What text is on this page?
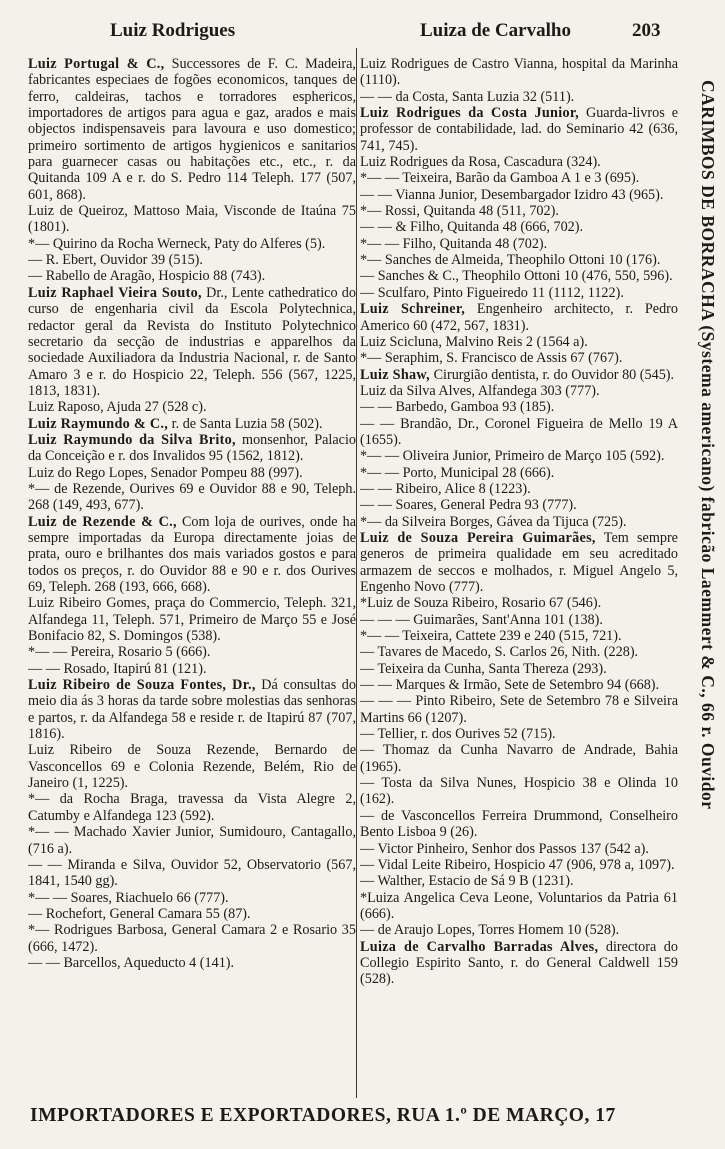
Luiz Rodrigues	Luiza de Carvalho	203

Luiz Portugal & C., Successores de F. C. Madeira, fabricantes especiaes de fogões economicos, tanques de ferro, caldeiras, tachos e torradores esphericos, importadores de artigos para agua e gaz, arados e mais objectos indispensaveis para lavoura e uso domestico; primeiro sortimento de artigos hygienicos e sanitarios para guarnecer casas ou habitações etc., etc., r. da Quitanda 109 A e r. do S. Pedro 114 Teleph. 177 (507, 601, 868).

Luiz de Queiroz, Mattoso Maia, Visconde de Itaúna 75 (1801).

*— Quirino da Rocha Werneck, Paty do Alferes (5).

— R. Ebert, Ouvidor 39 (515).

— Rabello de Aragão, Hospicio 88 (743).

Luiz Raphael Vieira Souto, Dr., Lente cathedratico do curso de engenharia civil da Escola Polytechnica, redactor geral da Revista do Instituto Polytechnico secretario da secção de industrias e apparelhos da sociedade Auxiliadora da Industria Nacional, r. de Santo Amaro 3 e r. do Hospicio 22, Teleph. 556 (567, 1225, 1813, 1831).

Luiz Raposo, Ajuda 27 (528 c).

Luiz Raymundo & C., r. de Santa Luzia 58 (502).

Luiz Raymundo da Silva Brito, monsenhor, Palacio da Conceição e r. dos Invalidos 95 (1562, 1812).

Luiz do Rego Lopes, Senador Pompeu 88 (997).

*— de Rezende, Ourives 69 e Ouvidor 88 e 90, Teleph. 268 (149, 493, 677).

Luiz de Rezende & C., Com loja de ourives, onde ha sempre importadas da Europa directamente joias de prata, ouro e brilhantes dos mais variados gostos e para todos os preços, r. do Ouvidor 88 e 90 e r. dos Ourives 69, Teleph. 268 (193, 666, 668).

Luiz Ribeiro Gomes, praça do Commercio, Teleph. 321, Alfandega 11, Teleph. 571, Primeiro de Março 55 e José Bonifacio 82, S. Domingos (538).

*— — Pereira, Rosario 5 (666).

— — Rosado, Itapirú 81 (121).

Luiz Ribeiro de Souza Fontes, Dr., Dá consultas do meio dia ás 3 horas da tarde sobre molestias das senhoras e partos, r. da Alfandega 58 e reside r. de Itapirú 87 (707, 1816).

Luiz Ribeiro de Souza Rezende, Bernardo de Vasconcellos 69 e Colonia Rezende, Belém, Rio de Janeiro (1, 1225).

*— da Rocha Braga, travessa da Vista Alegre 2, Catumby e Alfandega 123 (592).

*— — Machado Xavier Junior, Sumidouro, Cantagallo, (716 a).

— — Miranda e Silva, Ouvidor 52, Observatorio (567, 1841, 1540 gg).

*— — Soares, Riachuelo 66 (777).

— Rochefort, General Camara 55 (87).

*— Rodrigues Barbosa, General Camara 2 e Rosario 35 (666, 1472).

— — Barcellos, Aqueducto 4 (141).

Luiz Rodrigues de Castro Vianna, hospital da Marinha (1110).

— — da Costa, Santa Luzia 32 (511).

Luiz Rodrigues da Costa Junior, Guarda-livros e professor de contabilidade, lad. do Seminario 42 (636, 741, 745).

Luiz Rodrigues da Rosa, Cascadura (324).

*— — Teixeira, Barão da Gamboa A 1 e 3 (695).

— — Vianna Junior, Desembargador Izidro 43 (965).

*— Rossi, Quitanda 48 (511, 702).

— — & Filho, Quitanda 48 (666, 702).

*— — Filho, Quitanda 48 (702).

*— Sanches de Almeida, Theophilo Ottoni 10 (176).

— Sanches & C., Theophilo Ottoni 10 (476, 550, 596).

— Sculfaro, Pinto Figueiredo 11 (1112, 1122).

Luiz Schreiner, Engenheiro architecto, r. Pedro Americo 60 (472, 567, 1831).

Luiz Scicluna, Malvino Reis 2 (1564 a).

*— Seraphim, S. Francisco de Assis 67 (767).

Luiz Shaw, Cirurgião dentista, r. do Ouvidor 80 (545).

Luiz da Silva Alves, Alfandega 303 (777).

— — Barbedo, Gamboa 93 (185).

— — Brandão, Dr., Coronel Figueira de Mello 19 A (1655).

*— — Oliveira Junior, Primeiro de Março 105 (592).

*— — Porto, Municipal 28 (666).

— — Ribeiro, Alice 8 (1223).

— — Soares, General Pedra 93 (777).

*— da Silveira Borges, Gávea da Tijuca (725).

Luiz de Souza Pereira Guimarães, Tem sempre generos de primeira qualidade em seu acreditado armazem de seccos e molhados, r. Miguel Angelo 5, Engenho Novo (777).

*Luiz de Souza Ribeiro, Rosario 67 (546).

— — — Guimarães, Sant'Anna 101 (138).

*— — Teixeira, Cattete 239 e 240 (515, 721).

— Tavares de Macedo, S. Carlos 26, Nith. (228).

— Teixeira da Cunha, Santa Thereza (293).

— — Marques & Irmão, Sete de Setembro 94 (668).

— — — Pinto Ribeiro, Sete de Setembro 78 e Silveira Martins 66 (1207).

— Tellier, r. dos Ourives 52 (715).

— Thomaz da Cunha Navarro de Andrade, Bahia (1965).

— Tosta da Silva Nunes, Hospicio 38 e Olinda 10 (162).

— de Vasconcellos Ferreira Drummond, Conselheiro Bento Lisboa 9 (26).

— Victor Pinheiro, Senhor dos Passos 137 (542 a).

— Vidal Leite Ribeiro, Hospicio 47 (906, 978 a, 1097).

— Walther, Estacio de Sá 9 B (1231).

*Luiza Angelica Ceva Leone, Voluntarios da Patria 61 (666).

— de Araujo Lopes, Torres Homem 10 (528).

Luiza de Carvalho Barradas Alves, directora do Collegio Espirito Santo, r. do General Caldwell 159 (528).

CARIMBOS DE BORRACHA (Systema americano) fabricão Laemmert & C., 66 r. Ouvidor
IMPORTADORES E EXPORTADORES, RUA 1.º DE MARÇO, 17
